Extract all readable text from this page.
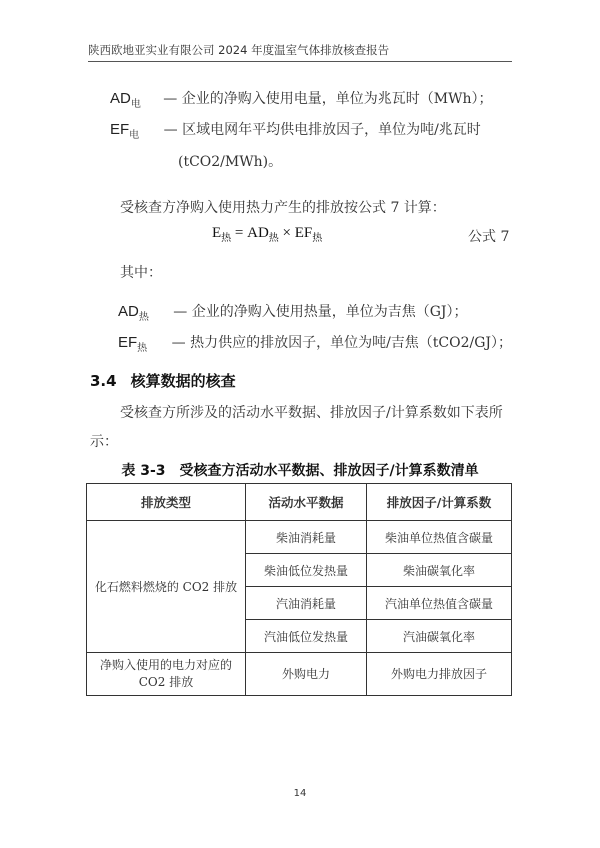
陕西欧地亚实业有限公司 2024 年度温室气体排放核查报告
$AD_电$ — 企业的净购入使用电量，单位为兆瓦时（MWh）；
$EF_电$ — 区域电网年平均供电排放因子，单位为吨/兆瓦时
(tCO2/MWh)。
受核查方净购入使用热力产生的排放按公式 7 计算：
$E_热 = AD_热 \times EF_热$	公式 7
其中：
$AD_热$ — 企业的净购入使用热量，单位为吉焦（GJ）；
$EF_热$ — 热力供应的排放因子，单位为吨/吉焦（tCO2/GJ）；
3.4 核算数据的核查
受核查方所涉及的活动水平数据、排放因子/计算系数如下表所
示：
表 3-3　受核查方活动水平数据、排放因子/计算系数清单
排放类型	活动水平数据	排放因子/计算系数
化石燃料燃烧的 CO2 排放	柴油消耗量	柴油单位热值含碳量
	柴油低位发热量	柴油碳氧化率
	汽油消耗量	汽油单位热值含碳量
	汽油低位发热量	汽油碳氧化率

净购入使用的电力对应的
CO2 排放	外购电力	外购电力排放因子
14
